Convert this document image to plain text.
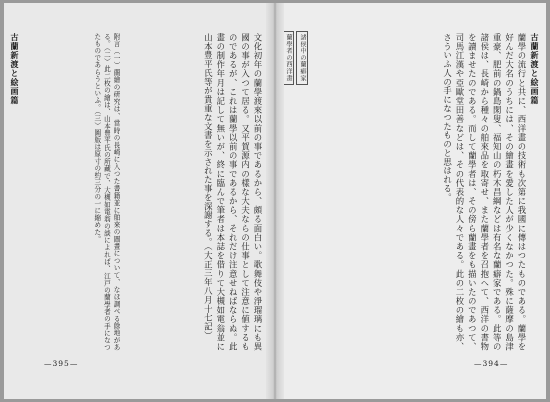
古蘭新渡と絵画篇	附言（一）蘭繪の研究は、當時の長崎に入つた書籍並に舶來の圖畫について、なほ調べる餘地がある。（二）此二枚の繪は、山本豊平氏の所藏で、大槻如電翁の談によれば、江戸の蘭學者の手になつたものであらうといふ。（三）圖版は原寸の約三分の一に縮めた。	文化初年の蘭學渡來以前の事であるから、頗る面白い。歌舞伎や淨瑠璃にも異國の事が入つて居る。又平賀源内の樣な大夫ならの仕事として注意に値するものであるが、これは蘭學以前の事であるから、それだけ注意せねばならぬ。此畫の制作年月は記して無いが、終に臨んで筆者は本誌を借りて大槻如電翁並に山本豊平氏等が貴重な文書を示された事を深謝する。（大正三年八月十七記）

—395—
蘭學者の西洋畫	諸侯中の蘭癖家	蘭學の流行と共に、西洋畫の技術も次第に我國に傳はつたものである。蘭學を好んだ大名のうちには、その繪畫を愛した人が少くなかつた。殊に薩摩の島津重豪、肥前の鍋島閑叟、福知山の朽木昌綱などは有名な蘭癖家である。此等の諸侯は、長崎から種々の舶來品を取寄せ、また蘭學者を召抱へて、西洋の書物を讀ませたのである。而して蘭學者は、その傍ら蘭畫をも描いたのであつて、司馬江漢や亞歐堂田善などは、その代表的な人々である。此の二枚の繪も亦、さういふ人の手になつたものと思はれる。	古蘭新渡と絵画篇
—394—
